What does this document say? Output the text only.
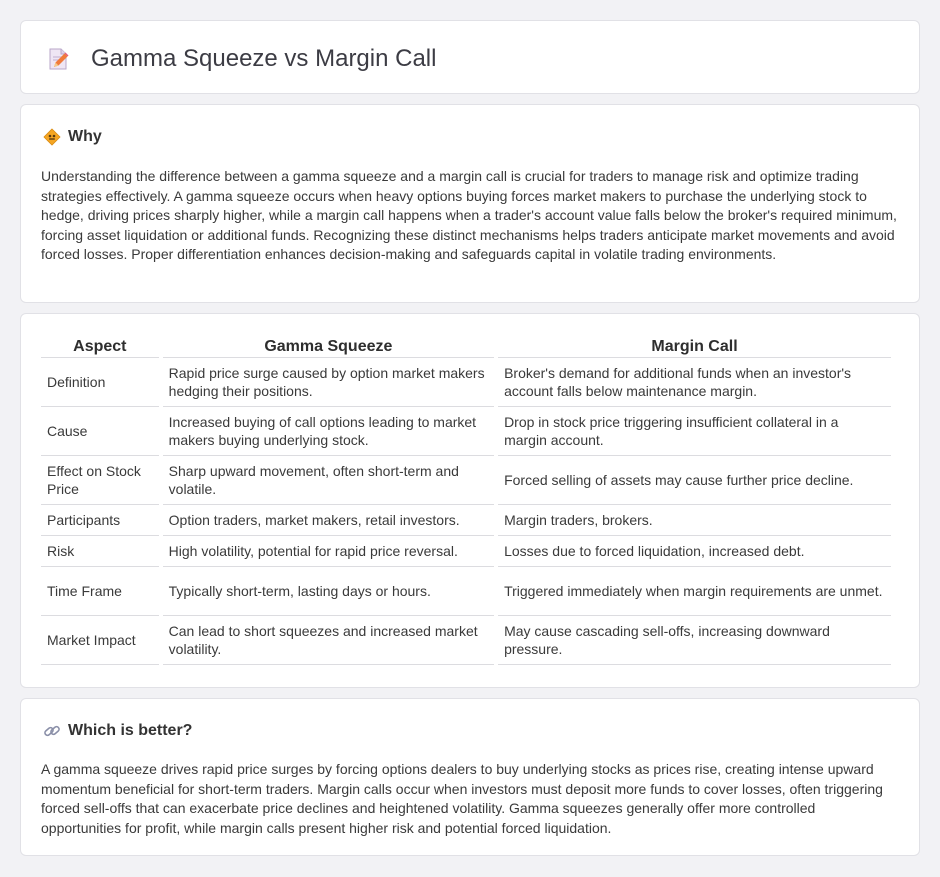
Gamma Squeeze vs Margin Call
Why

Understanding the difference between a gamma squeeze and a margin call is crucial for traders to manage risk and optimize trading strategies effectively. A gamma squeeze occurs when heavy options buying forces market makers to purchase the underlying stock to hedge, driving prices sharply higher, while a margin call happens when a trader's account value falls below the broker's required minimum, forcing asset liquidation or additional funds. Recognizing these distinct mechanisms helps traders anticipate market movements and avoid forced losses. Proper differentiation enhances decision-making and safeguards capital in volatile trading environments.

Aspect	Gamma Squeeze	Margin Call
Definition	Rapid price surge caused by option market makers hedging their positions.	Broker's demand for additional funds when an investor's account falls below maintenance margin.
Cause	Increased buying of call options leading to market makers buying underlying stock.	Drop in stock price triggering insufficient collateral in a margin account.
Effect on Stock Price	Sharp upward movement, often short-term and volatile.	Forced selling of assets may cause further price decline.
Participants	Option traders, market makers, retail investors.	Margin traders, brokers.
Risk	High volatility, potential for rapid price reversal.	Losses due to forced liquidation, increased debt.
Time Frame	Typically short-term, lasting days or hours.	Triggered immediately when margin requirements are unmet.
Market Impact	Can lead to short squeezes and increased market volatility.	May cause cascading sell-offs, increasing downward pressure.
Which is better?

A gamma squeeze drives rapid price surges by forcing options dealers to buy underlying stocks as prices rise, creating intense upward momentum beneficial for short-term traders. Margin calls occur when investors must deposit more funds to cover losses, often triggering forced sell-offs that can exacerbate price declines and heightened volatility. Gamma squeezes generally offer more controlled opportunities for profit, while margin calls present higher risk and potential forced liquidation.
